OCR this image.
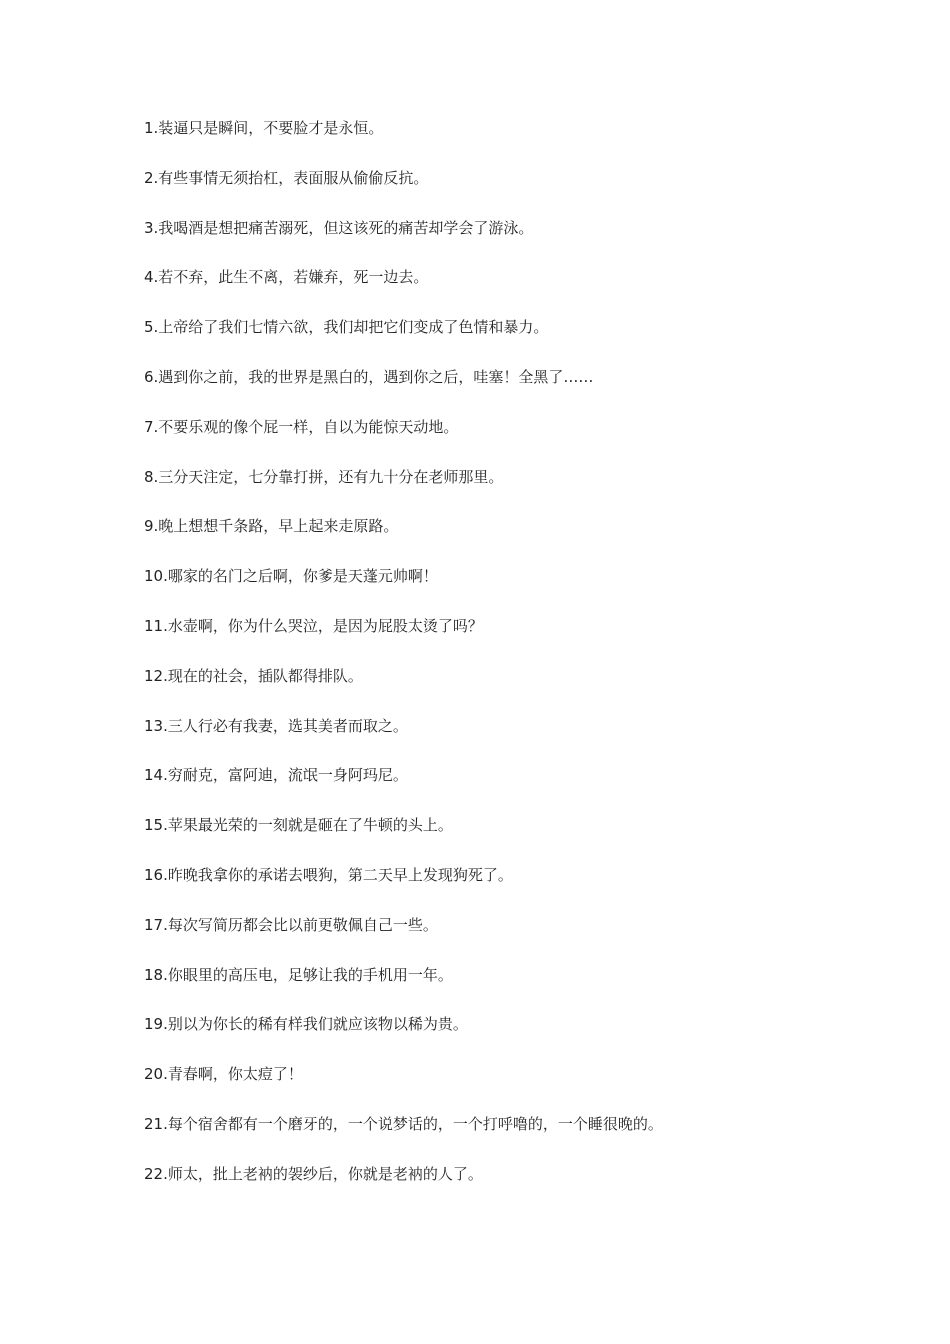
1.装逼只是瞬间，不要脸才是永恒。
2.有些事情无须抬杠，表面服从偷偷反抗。
3.我喝酒是想把痛苦溺死，但这该死的痛苦却学会了游泳。
4.若不弃，此生不离，若嫌弃，死一边去。
5.上帝给了我们七情六欲，我们却把它们变成了色情和暴力。
6.遇到你之前，我的世界是黑白的，遇到你之后，哇塞！全黑了……
7.不要乐观的像个屁一样，自以为能惊天动地。
8.三分天注定，七分靠打拼，还有九十分在老师那里。
9.晚上想想千条路，早上起来走原路。
10.哪家的名门之后啊，你爹是天蓬元帅啊！
11.水壶啊，你为什么哭泣，是因为屁股太烫了吗？
12.现在的社会，插队都得排队。
13.三人行必有我妻，选其美者而取之。
14.穷耐克，富阿迪，流氓一身阿玛尼。
15.苹果最光荣的一刻就是砸在了牛顿的头上。
16.昨晚我拿你的承诺去喂狗，第二天早上发现狗死了。
17.每次写简历都会比以前更敬佩自己一些。
18.你眼里的高压电，足够让我的手机用一年。
19.别以为你长的稀有样我们就应该物以稀为贵。
20.青春啊，你太痘了！
21.每个宿舍都有一个磨牙的，一个说梦话的，一个打呼噜的，一个睡很晚的。
22.师太，批上老衲的袈纱后，你就是老衲的人了。
